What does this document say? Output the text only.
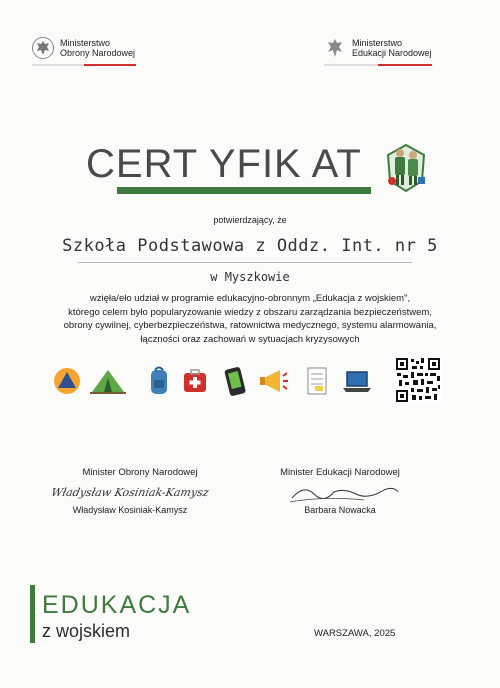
Ministerstwo
Obrony Narodowej
Ministerstwo
Edukacji Narodowej
CERT YFIK AT
potwierdzający, że
Szkoła Podstawowa z Oddz. Int. nr 5
w Myszkowie
wzięła/eło udział w programie edukacyjno-obronnym „Edukacja z wojskiem",
którego celem było popularyzowanie wiedzy z obszaru zarządzania bezpieczeństwem,
obrony cywilnej, cyberbezpieczeństwa, ratownictwa medycznego, systemu alarmowania,
łączności oraz zachowań w sytuacjach kryzysowych
Minister Obrony Narodowej
Władysław Kosiniak-Kamysz
Władysław Kosiniak-Kamysz
Minister Edukacji Narodowej
Barbara Nowacka
EDUKACJA
z wojskiem	WARSZAWA, 2025
